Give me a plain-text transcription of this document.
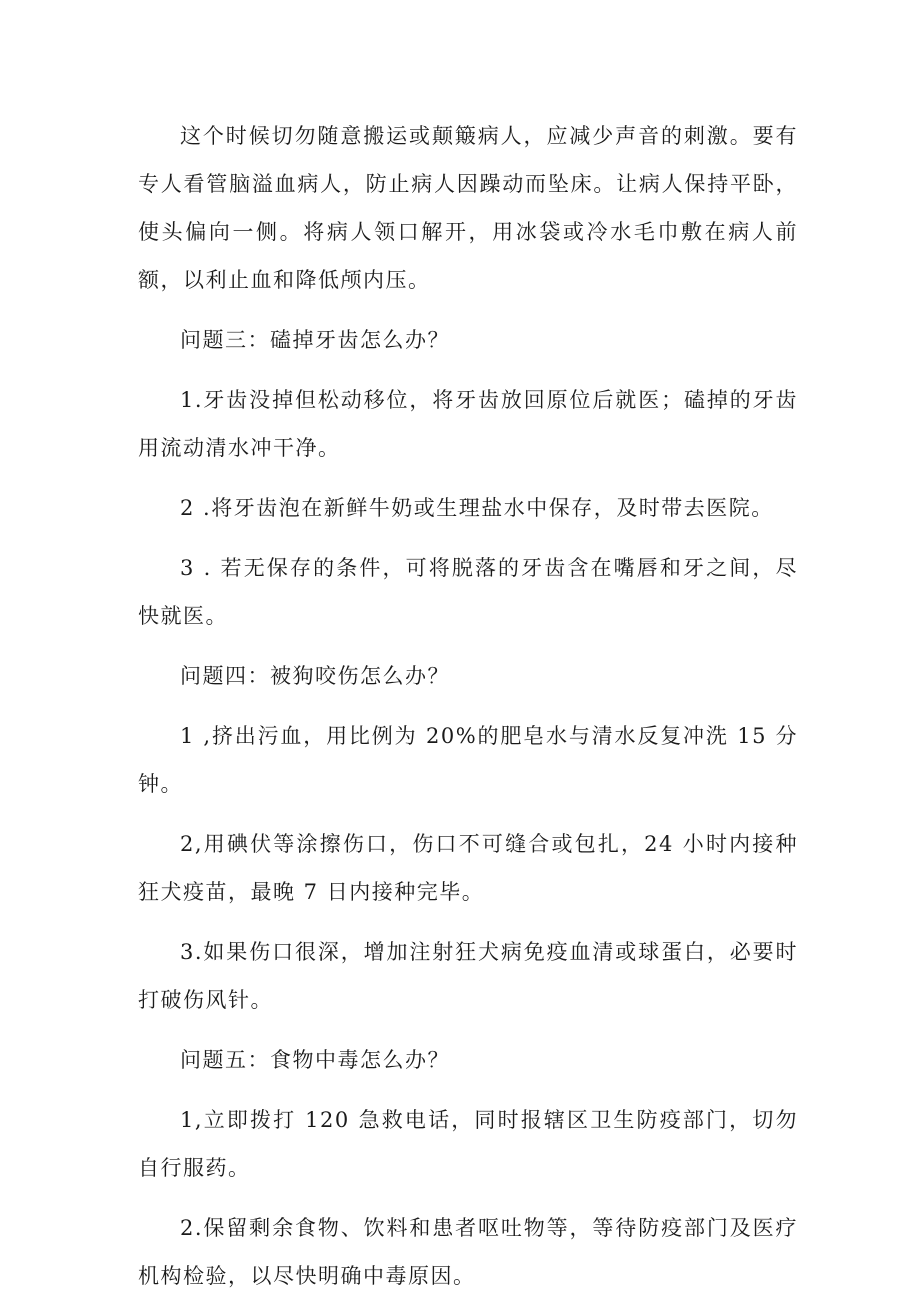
这个时候切勿随意搬运或颠簸病人，应减少声音的刺激。要有专人看管脑溢血病人，防止病人因躁动而坠床。让病人保持平卧，使头偏向一侧。将病人领口解开，用冰袋或冷水毛巾敷在病人前额，以利止血和降低颅内压。

问题三：磕掉牙齿怎么办？

1.牙齿没掉但松动移位，将牙齿放回原位后就医；磕掉的牙齿用流动清水冲干净。

2 .将牙齿泡在新鲜牛奶或生理盐水中保存，及时带去医院。

3 . 若无保存的条件，可将脱落的牙齿含在嘴唇和牙之间，尽快就医。

问题四：被狗咬伤怎么办？

1 ,挤出污血，用比例为 20%的肥皂水与清水反复冲洗 15 分钟。

2,用碘伏等涂擦伤口，伤口不可缝合或包扎，24 小时内接种狂犬疫苗，最晚 7 日内接种完毕。

3.如果伤口很深，增加注射狂犬病免疫血清或球蛋白，必要时打破伤风针。

问题五：食物中毒怎么办？

1,立即拨打 120 急救电话，同时报辖区卫生防疫部门，切勿自行服药。

2.保留剩余食物、饮料和患者呕吐物等，等待防疫部门及医疗机构检验，以尽快明确中毒原因。
